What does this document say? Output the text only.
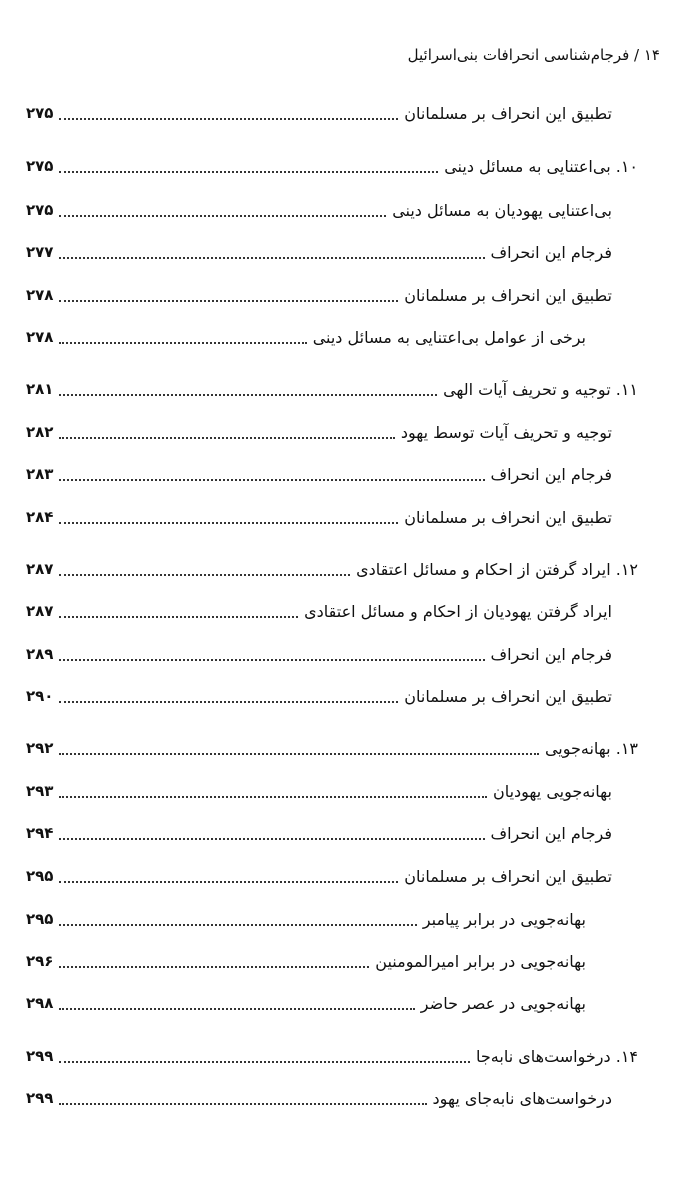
۱۴ / فرجام‌شناسی انحرافات بنی‌اسرائیل
تطبیق این انحراف بر مسلمانان
۲۷۵
۱۰. بی‌اعتنایی به مسائل دینی
۲۷۵
بی‌اعتنایی یهودیان به مسائل دینی
۲۷۵
فرجام این انحراف
۲۷۷
تطبیق این انحراف بر مسلمانان
۲۷۸
برخی از عوامل بی‌اعتنایی به مسائل دینی
۲۷۸
۱۱. توجیه و تحریف آیات الهی
۲۸۱
توجیه و تحریف آیات توسط یهود
۲۸۲
فرجام این انحراف
۲۸۳
تطبیق این انحراف بر مسلمانان
۲۸۴
۱۲. ایراد گرفتن از احکام و مسائل اعتقادی
۲۸۷
ایراد گرفتن یهودیان از احکام و مسائل اعتقادی
۲۸۷
فرجام این انحراف
۲۸۹
تطبیق این انحراف بر مسلمانان
۲۹۰
۱۳. بهانه‌جویی
۲۹۲
بهانه‌جویی یهودیان
۲۹۳
فرجام این انحراف
۲۹۴
تطبیق این انحراف بر مسلمانان
۲۹۵
بهانه‌جویی در برابر پیامبر
۲۹۵
بهانه‌جویی در برابر امیرالمومنین
۲۹۶
بهانه‌جویی در عصر حاضر
۲۹۸
۱۴. درخواست‌های نابه‌جا
۲۹۹
درخواست‌های نابه‌جای یهود
۲۹۹
